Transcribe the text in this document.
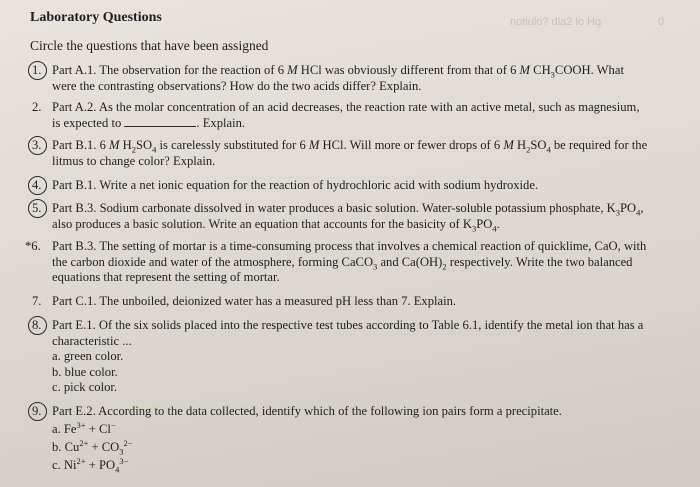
notiulo? dla2 lo Hq	0
Laboratory Questions
Circle the questions that have been assigned
1. Part A.1. The observation for the reaction of 6 M HCl was obviously different from that of 6 M $CH_3COOH$. What
were the contrasting observations? How do the two acids differ? Explain.
2. Part A.2. As the molar concentration of an acid decreases, the reaction rate with an active metal, such as magnesium,
is expected to	. Explain.
3. Part B.1. 6 M $H_2SO_4$ is carelessly substituted for 6 M HCl. Will more or fewer drops of 6 M $H_2SO_4$ be required for the
litmus to change color? Explain.
4. Part B.1. Write a net ionic equation for the reaction of hydrochloric acid with sodium hydroxide.
5. Part B.3. Sodium carbonate dissolved in water produces a basic solution. Water-soluble potassium phosphate, $K_3PO_4$,
also produces a basic solution. Write an equation that accounts for the basicity of $K_3PO_4$.
*6. Part B.3. The setting of mortar is a time-consuming process that involves a chemical reaction of quicklime, CaO, with
the carbon dioxide and water of the atmosphere, forming CaCO$_3$ and $Ca(OH)_2$ respectively. Write the two balanced
equations that represent the setting of mortar.
7. Part C.1. The unboiled, deionized water has a measured pH less than 7. Explain.
8. Part E.1. Of the six solids placed into the respective test tubes according to Table 6.1, identify the metal ion that has a
characteristic ...
a. green color.
b. blue color.
c. pick color.
9. Part E.2. According to the data collected, identify which of the following ion pairs form a precipitate.
a. $Fe^{3+} + Cl^-$
b. $Cu^{2+} + CO_3^{2-}$
c. $Ni^{2+} + PO_4^{3-}$
